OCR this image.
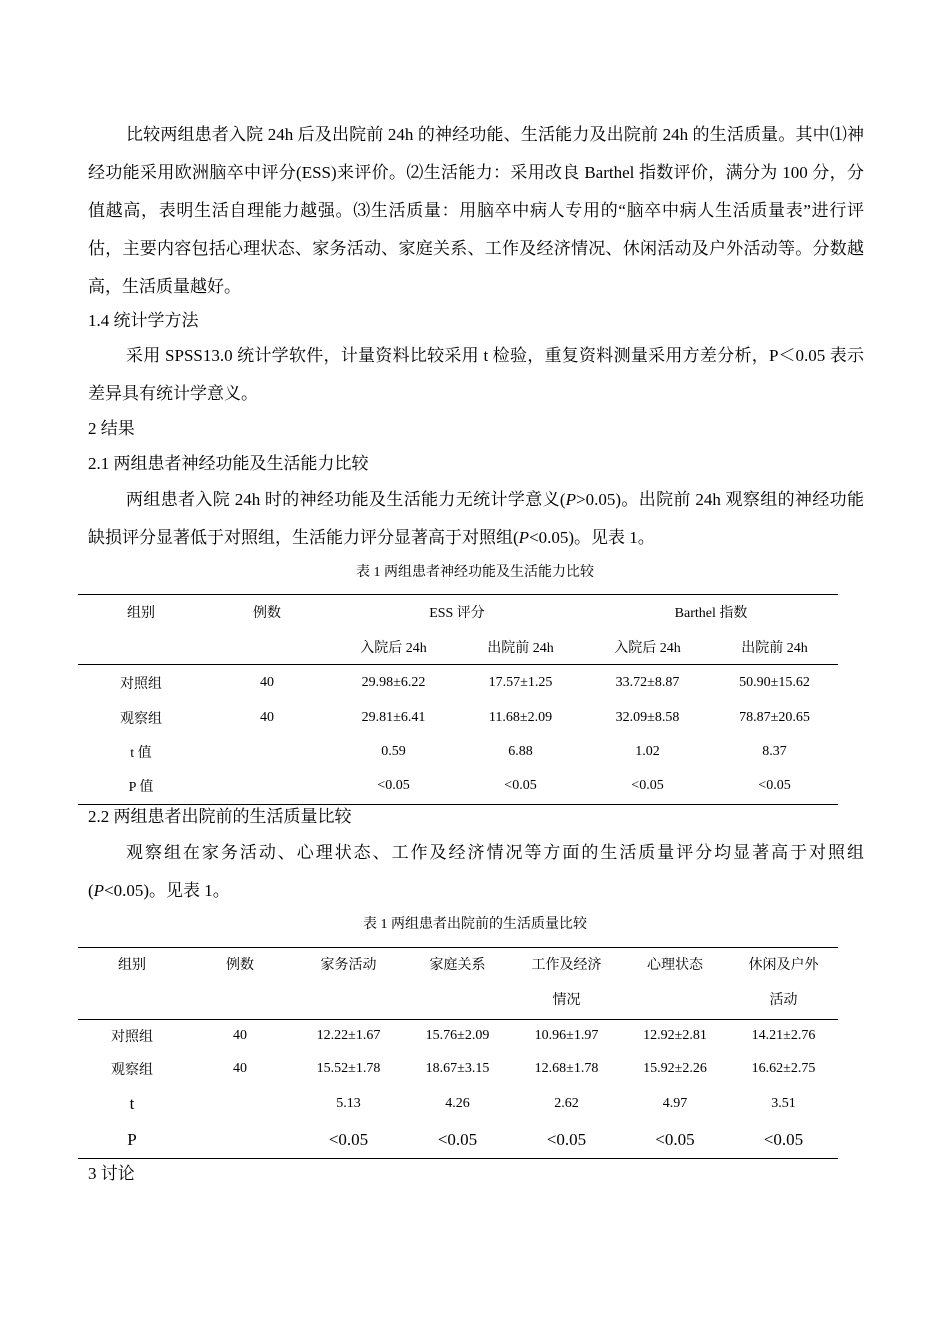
比较两组患者入院 24h 后及出院前 24h 的神经功能、生活能力及出院前 24h 的生活质量。其中⑴神经功能采用欧洲脑卒中评分(ESS)来评价。⑵生活能力：采用改良 Barthel 指数评价，满分为 100 分，分值越高，表明生活自理能力越强。⑶生活质量：用脑卒中病人专用的“脑卒中病人生活质量表”进行评估，主要内容包括心理状态、家务活动、家庭关系、工作及经济情况、休闲活动及户外活动等。分数越高，生活质量越好。

1.4 统计学方法

采用 SPSS13.0 统计学软件，计量资料比较采用 t 检验，重复资料测量采用方差分析，P＜0.05 表示差异具有统计学意义。

2 结果

2.1 两组患者神经功能及生活能力比较

两组患者入院 24h 时的神经功能及生活能力无统计学意义(P>0.05)。出院前 24h 观察组的神经功能缺损评分显著低于对照组，生活能力评分显著高于对照组(P<0.05)。见表 1。

表 1 两组患者神经功能及生活能力比较
组别	例数	ESS 评分		Barthel 指数	
		入院后 24h	出院前 24h	入院后 24h	出院前 24h
对照组	40	29.98±6.22	17.57±1.25	33.72±8.87	50.90±15.62
观察组	40	29.81±6.41	11.68±2.09	32.09±8.58	78.87±20.65
t 值		0.59	6.88	1.02	8.37
P 值		<0.05	<0.05	<0.05	<0.05

2.2 两组患者出院前的生活质量比较

观察组在家务活动、心理状态、工作及经济情况等方面的生活质量评分均显著高于对照组(P<0.05)。见表 1。

表 1 两组患者出院前的生活质量比较
组别	例数	家务活动	家庭关系	工作及经济	心理状态	休闲及户外
				情况		活动
对照组	40	12.22±1.67	15.76±2.09	10.96±1.97	12.92±2.81	14.21±2.76
观察组	40	15.52±1.78	18.67±3.15	12.68±1.78	15.92±2.26	16.62±2.75
t		5.13	4.26	2.62	4.97	3.51
P		<0.05	<0.05	<0.05	<0.05	<0.05

3 讨论
